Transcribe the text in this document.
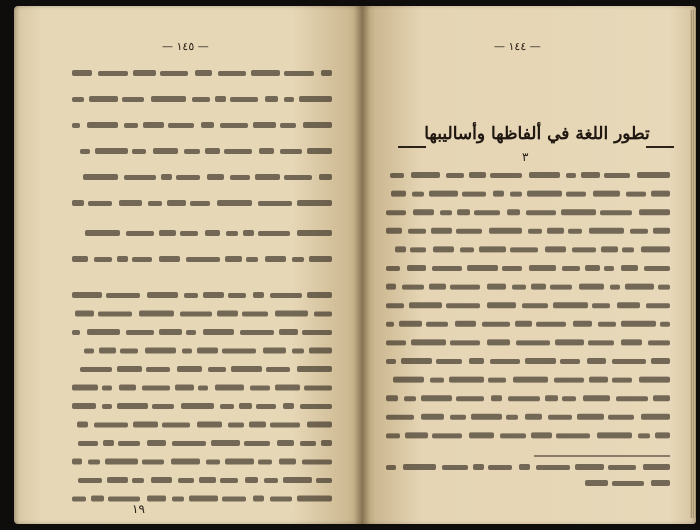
— ١٤٥ —	— ١٤٤ —
١٩
تطور اللغة في ألفاظها وأساليبها
٣
